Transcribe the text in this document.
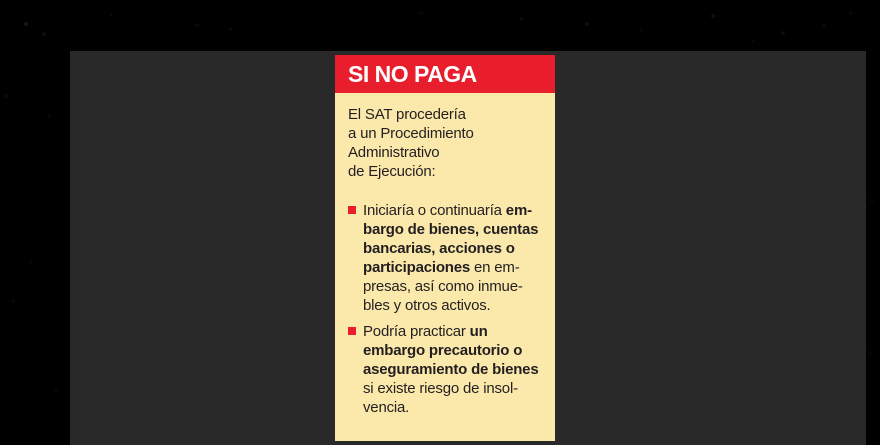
SI NO PAGA
El SAT procedería
a un Procedimiento
Administrativo
de Ejecución:
Iniciaría o continuaría em-
bargo de bienes, cuentas
bancarias, acciones o
participaciones en em-
presas, así como inmue-
bles y otros activos.
Podría practicar un
embargo precautorio o
aseguramiento de bienes
si existe riesgo de insol-
vencia.
